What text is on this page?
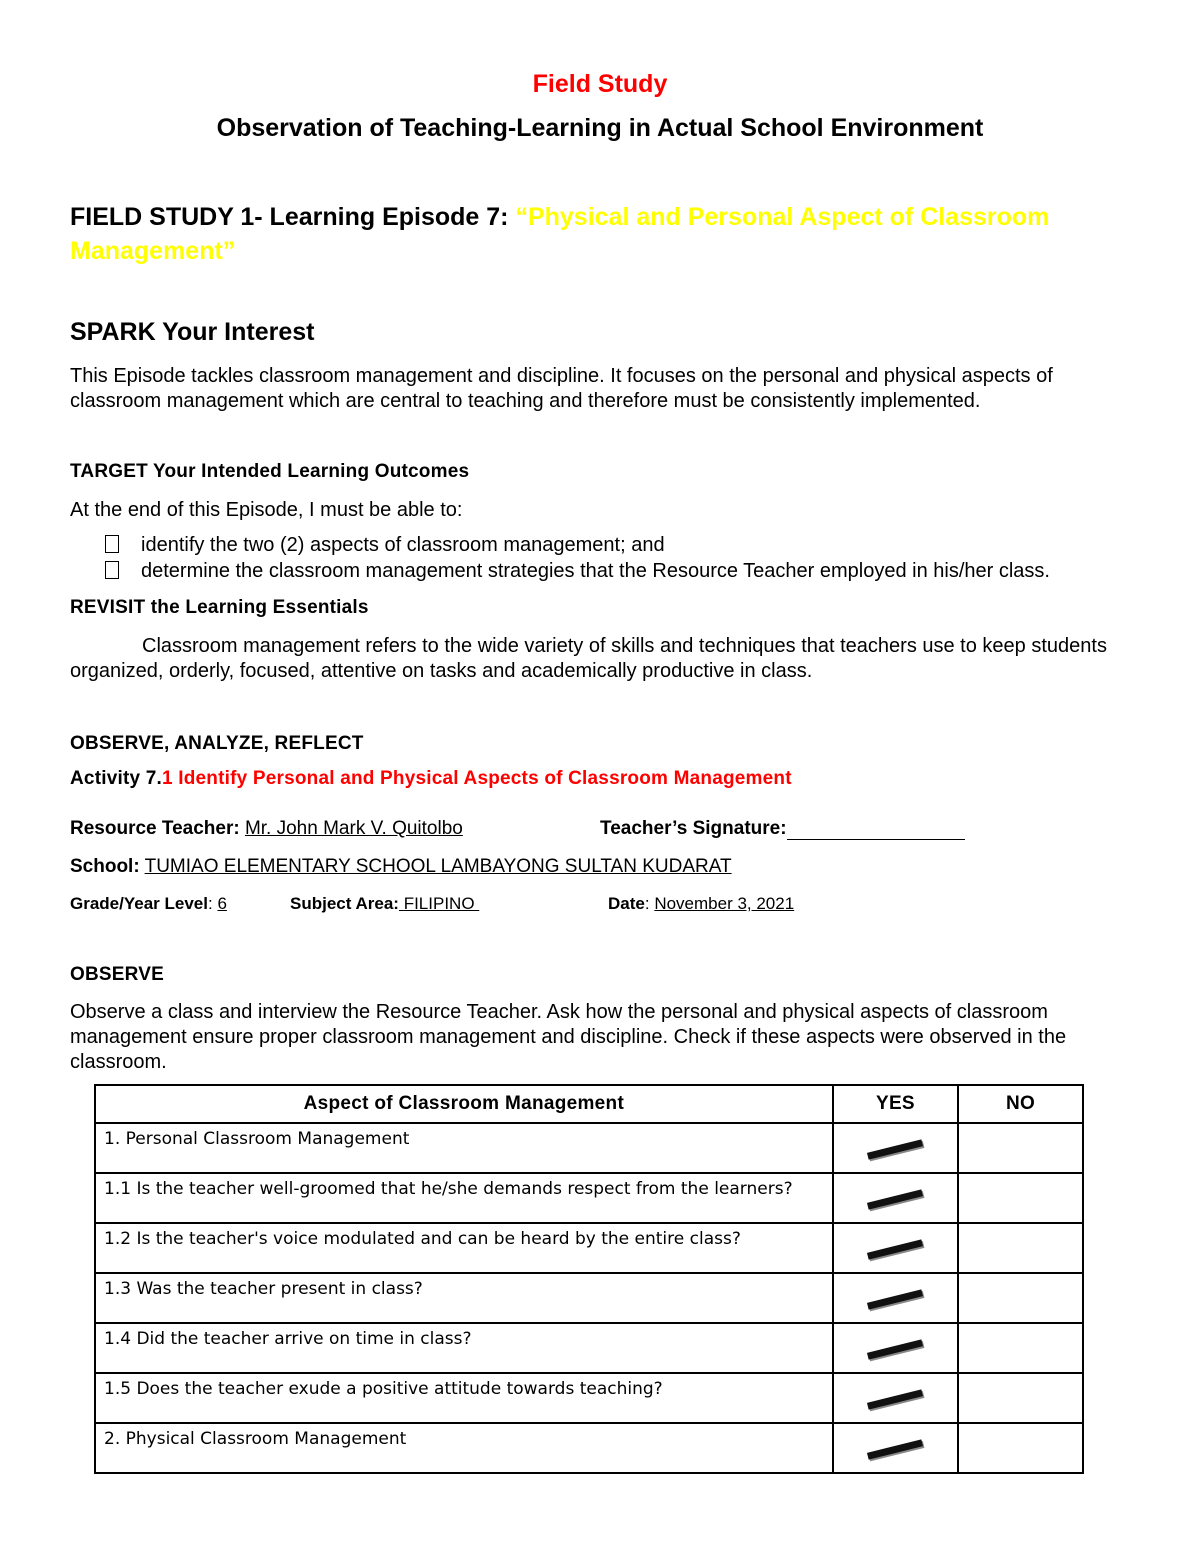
Field Study
Observation of Teaching-Learning in Actual School Environment
FIELD STUDY 1- Learning Episode 7: “Physical and Personal Aspect of Classroom Management”
SPARK Your Interest
This Episode tackles classroom management and discipline. It focuses on the personal and physical aspects of classroom management which are central to teaching and therefore must be consistently implemented.
TARGET Your Intended Learning Outcomes
At the end of this Episode, I must be able to:
identify the two (2) aspects of classroom management; and
determine the classroom management strategies that the Resource Teacher employed in his/her class.
REVISIT the Learning Essentials
Classroom management refers to the wide variety of skills and techniques that teachers use to keep students organized, orderly, focused, attentive on tasks and academically productive in class.
OBSERVE, ANALYZE, REFLECT
Activity 7.1 Identify Personal and Physical Aspects of Classroom Management
Resource Teacher: Mr. John Mark V. Quitolbo	Teacher’s Signature:
School: TUMIAO ELEMENTARY SCHOOL LAMBAYONG SULTAN KUDARAT
Grade/Year Level: 6	Subject Area: FILIPINO	Date: November 3, 2021
OBSERVE
Observe a class and interview the Resource Teacher. Ask how the personal and physical aspects of classroom management ensure proper classroom management and discipline. Check if these aspects were observed in the classroom.
Aspect of Classroom Management	YES	NO
1. Personal Classroom Management		
1.1 Is the teacher well-groomed that he/she demands respect from the learners?		
1.2 Is the teacher's voice modulated and can be heard by the entire class?		
1.3 Was the teacher present in class?		
1.4 Did the teacher arrive on time in class?		
1.5 Does the teacher exude a positive attitude towards teaching?		
2. Physical Classroom Management		
